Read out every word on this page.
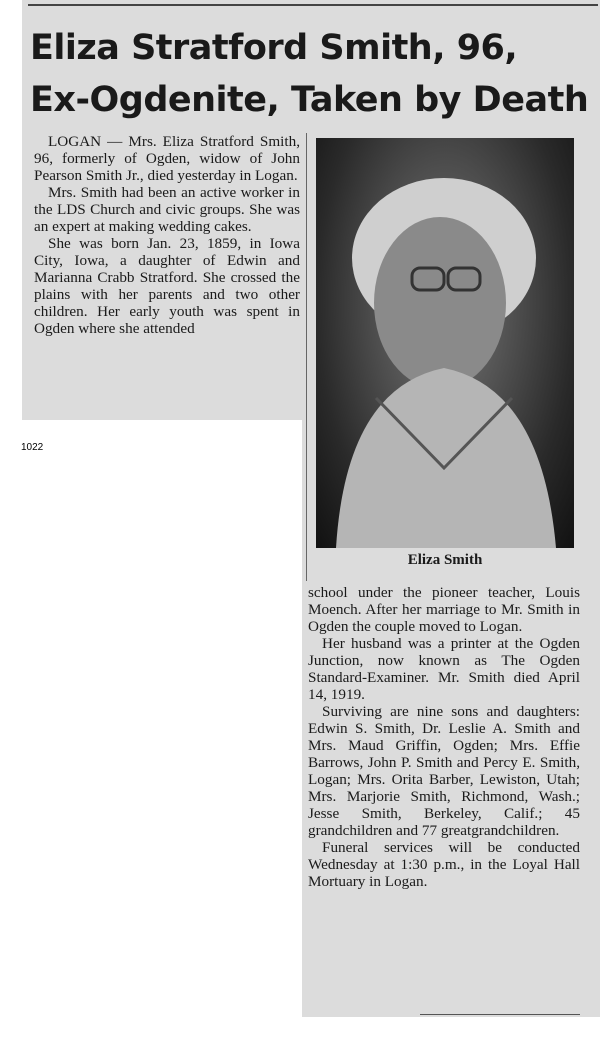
Eliza Stratford Smith, 96,
Ex-Ogdenite, Taken by Death

LOGAN — Mrs. Eliza Stratford Smith, 96, formerly of Ogden, widow of John Pearson Smith Jr., died yesterday in Logan.

Mrs. Smith had been an active worker in the LDS Church and civic groups. She was an expert at making wedding cakes.

She was born Jan. 23, 1859, in Iowa City, Iowa, a daughter of Edwin and Marianna Crabb Stratford. She crossed the plains with her parents and two other children. Her early youth was spent in Ogden where she attended

Eliza Smith

school under the pioneer teacher, Louis Moench. After her marriage to Mr. Smith in Ogden the couple moved to Logan.

Her husband was a printer at the Ogden Junction, now known as The Ogden Standard-Examiner. Mr. Smith died April 14, 1919.

Surviving are nine sons and daughters: Edwin S. Smith, Dr. Leslie A. Smith and Mrs. Maud Griffin, Ogden; Mrs. Effie Barrows, John P. Smith and Percy E. Smith, Logan; Mrs. Orita Barber, Lewiston, Utah; Mrs. Marjorie Smith, Richmond, Wash.; Jesse Smith, Berkeley, Calif.; 45 grandchildren and 77 greatgrandchildren.

Funeral services will be conducted Wednesday at 1:30 p.m., in the Loyal Hall Mortuary in Logan.

1022
